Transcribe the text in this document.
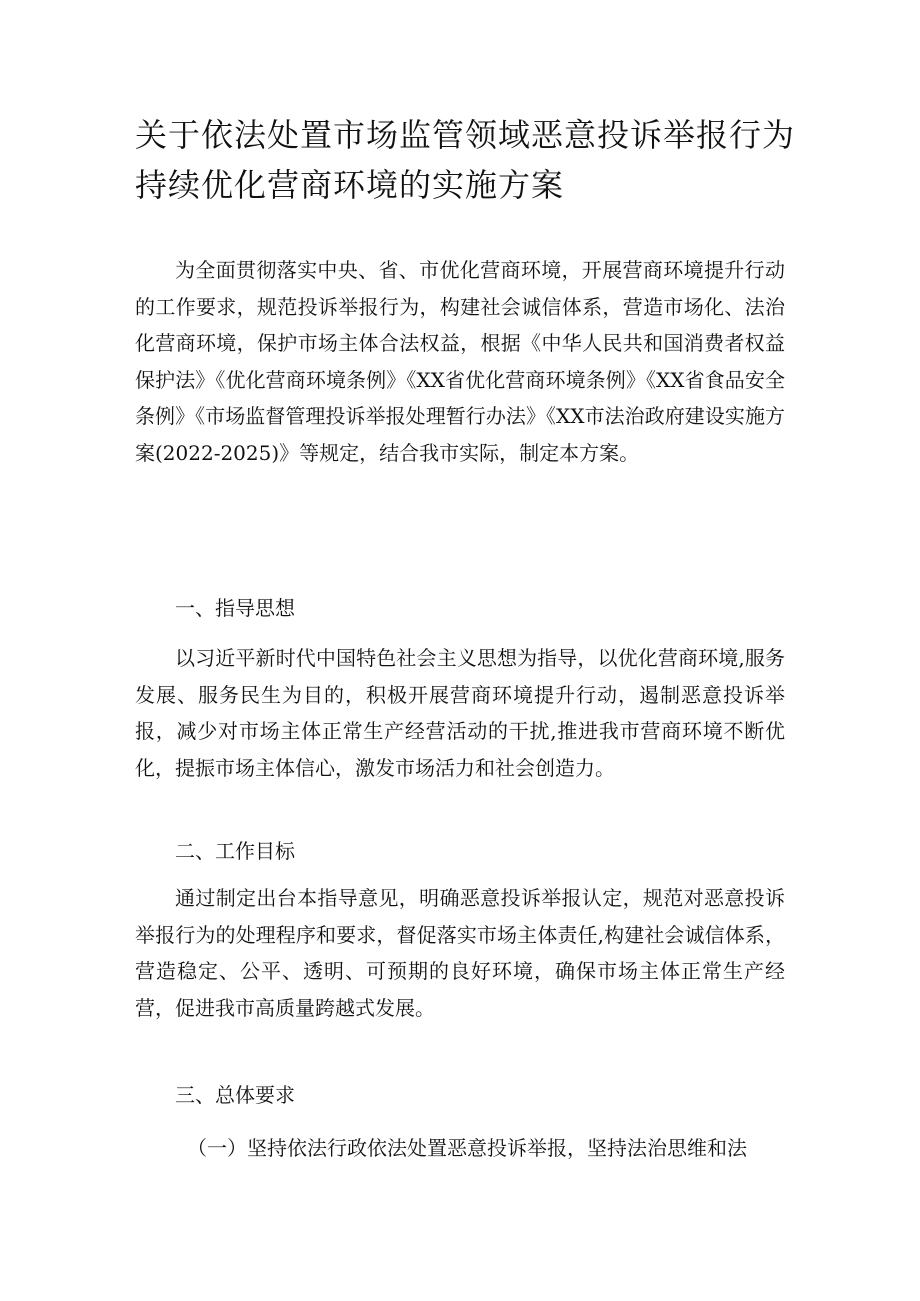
关于依法处置市场监管领域恶意投诉举报行为持续优化营商环境的实施方案

为全面贯彻落实中央、省、市优化营商环境，开展营商环境提升行动的工作要求，规范投诉举报行为，构建社会诚信体系，营造市场化、法治化营商环境，保护市场主体合法权益，根据《中华人民共和国消费者权益保护法》《优化营商环境条例》《XX省优化营商环境条例》《XX省食品安全条例》《市场监督管理投诉举报处理暂行办法》《XX市法治政府建设实施方案(2022-2025)》等规定，结合我市实际，制定本方案。

一、指导思想

以习近平新时代中国特色社会主义思想为指导，以优化营商环境,服务发展、服务民生为目的，积极开展营商环境提升行动，遏制恶意投诉举报，减少对市场主体正常生产经营活动的干扰,推进我市营商环境不断优化，提振市场主体信心，激发市场活力和社会创造力。

二、工作目标

通过制定出台本指导意见，明确恶意投诉举报认定，规范对恶意投诉举报行为的处理程序和要求，督促落实市场主体责任,构建社会诚信体系，营造稳定、公平、透明、可预期的良好环境，确保市场主体正常生产经营，促进我市高质量跨越式发展。

三、总体要求

（一）坚持依法行政依法处置恶意投诉举报，坚持法治思维和法
